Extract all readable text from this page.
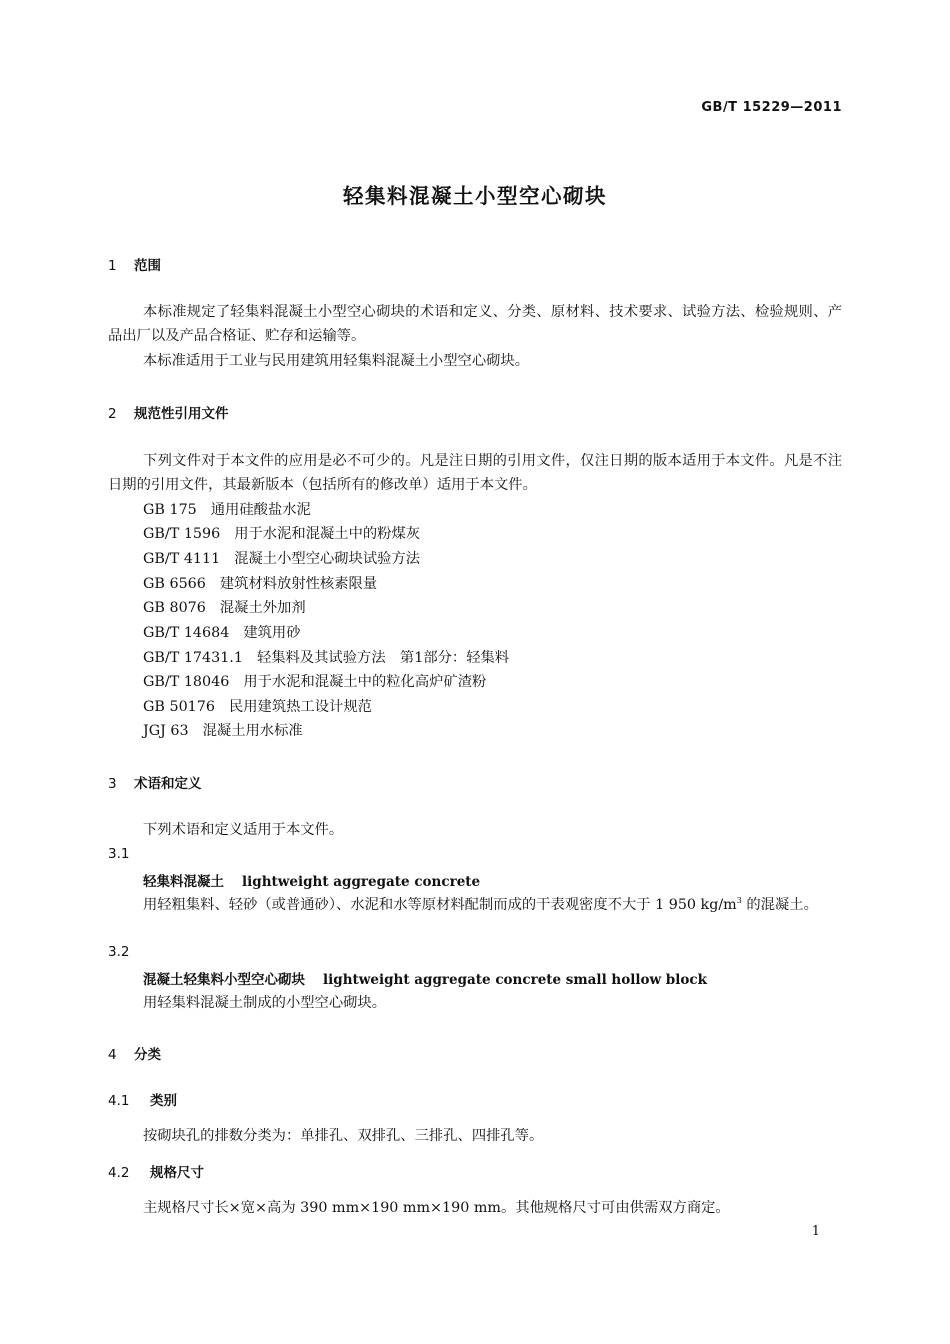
GB/T 15229—2011
轻集料混凝土小型空心砌块
1 范围
本标准规定了轻集料混凝土小型空心砌块的术语和定义、分类、原材料、技术要求、试验方法、检验规则、产品出厂以及产品合格证、贮存和运输等。
本标准适用于工业与民用建筑用轻集料混凝土小型空心砌块。
2 规范性引用文件
下列文件对于本文件的应用是必不可少的。凡是注日期的引用文件，仅注日期的版本适用于本文件。凡是不注日期的引用文件，其最新版本（包括所有的修改单）适用于本文件。
GB 175 通用硅酸盐水泥
GB/T 1596 用于水泥和混凝土中的粉煤灰
GB/T 4111 混凝土小型空心砌块试验方法
GB 6566 建筑材料放射性核素限量
GB 8076 混凝土外加剂
GB/T 14684 建筑用砂
GB/T 17431.1 轻集料及其试验方法　第1部分：轻集料
GB/T 18046 用于水泥和混凝土中的粒化高炉矿渣粉
GB 50176 民用建筑热工设计规范
JGJ 63 混凝土用水标准
3 术语和定义
下列术语和定义适用于本文件。
3.1
轻集料混凝土 lightweight aggregate concrete
用轻粗集料、轻砂（或普通砂）、水泥和水等原材料配制而成的干表观密度不大于 1 950 $kg/m^3$ 的混凝土。
3.2
混凝土轻集料小型空心砌块 lightweight aggregate concrete small hollow block
用轻集料混凝土制成的小型空心砌块。
4 分类
4.1 类别
按砌块孔的排数分类为：单排孔、双排孔、三排孔、四排孔等。
4.2 规格尺寸
主规格尺寸长×宽×高为 390 mm×190 mm×190 mm。其他规格尺寸可由供需双方商定。
1
